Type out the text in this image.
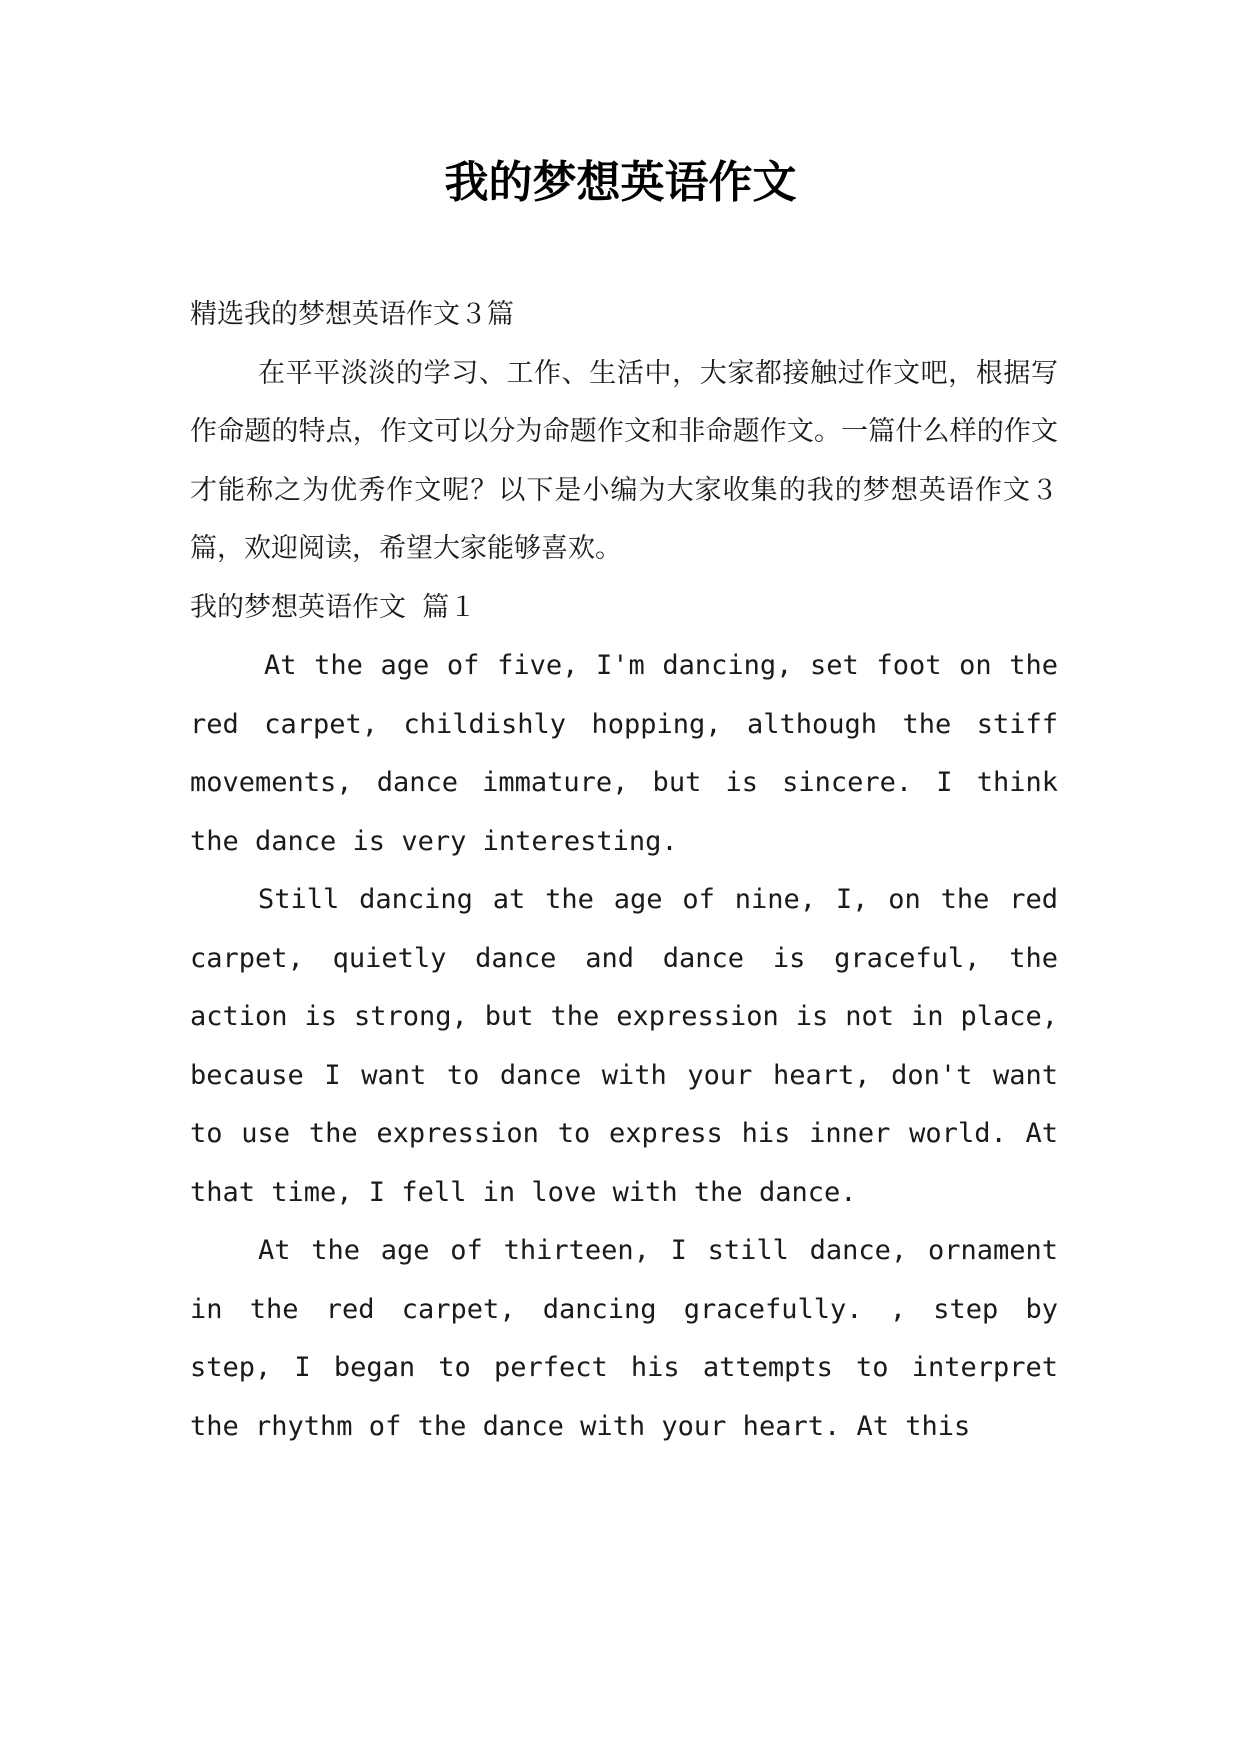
我的梦想英语作文

精选我的梦想英语作文３篇

在平平淡淡的学习、工作、生活中，大家都接触过作文吧，根据写作命题的特点，作文可以分为命题作文和非命题作文。一篇什么样的作文才能称之为优秀作文呢？以下是小编为大家收集的我的梦想英语作文３篇，欢迎阅读，希望大家能够喜欢。

我的梦想英语作文 篇１

At the age of five, I'm dancing, set foot on the red carpet, childishly hopping, although the stiff movements, dance immature, but is sincere. I think the dance is very interesting.

Still dancing at the age of nine, I, on the red carpet, quietly dance and dance is graceful, the action is strong, but the expression is not in place, because I want to dance with your heart, don't want to use the expression to express his inner world. At that time, I fell in love with the dance.

At the age of thirteen, I still dance, ornament in the red carpet, dancing gracefully. , step by step, I began to perfect his attempts to interpret the rhythm of the dance with your heart. At this
